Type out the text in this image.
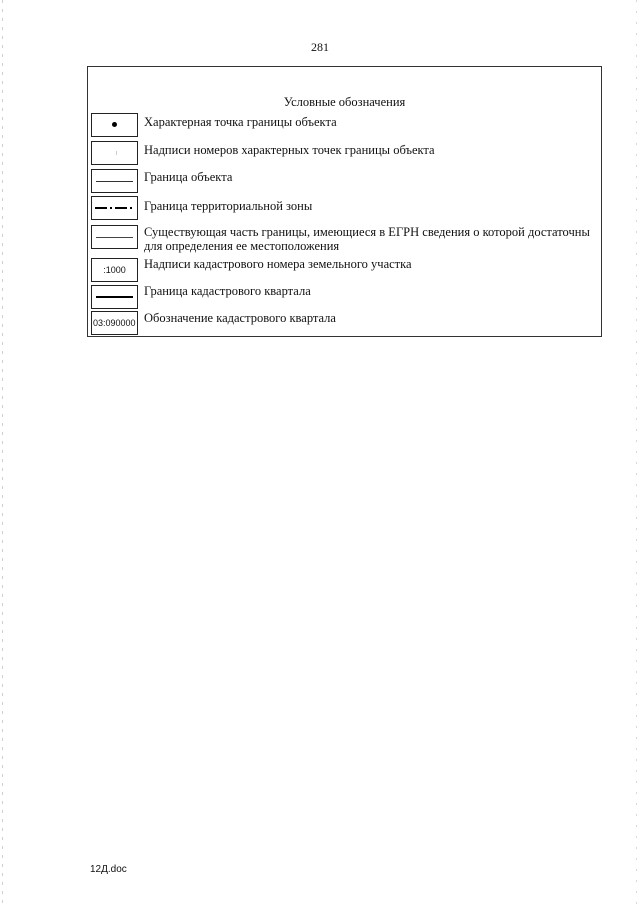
281
Условные обозначения
Характерная точка границы объекта
Надписи номеров характерных точек границы объекта
Граница объекта
Граница территориальной зоны
Существующая часть границы, имеющиеся в ЕГРН сведения о которой достаточны для определения ее местоположения
:1000	Надписи кадастрового номера земельного участка
Граница кадастрового квартала
03:090000 Обозначение кадастрового квартала
12Д.doc
